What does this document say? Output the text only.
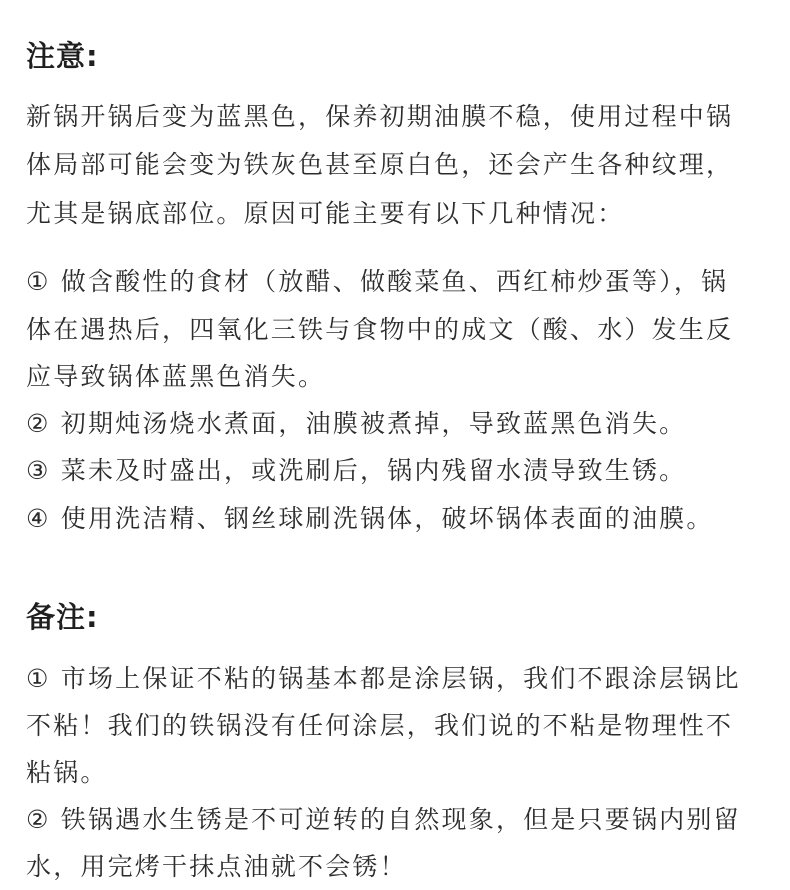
注意:
新锅开锅后变为蓝黑色，保养初期油膜不稳，使用过程中锅
体局部可能会变为铁灰色甚至原白色，还会产生各种纹理，
尤其是锅底部位。原因可能主要有以下几种情况：
① 做含酸性的食材（放醋、做酸菜鱼、西红柿炒蛋等），锅
体在遇热后，四氧化三铁与食物中的成文（酸、水）发生反
应导致锅体蓝黑色消失。
② 初期炖汤烧水煮面，油膜被煮掉，导致蓝黑色消失。
③ 菜未及时盛出，或洗刷后，锅内残留水渍导致生锈。
④ 使用洗洁精、钢丝球刷洗锅体，破坏锅体表面的油膜。
备注:
① 市场上保证不粘的锅基本都是涂层锅，我们不跟涂层锅比
不粘！我们的铁锅没有任何涂层，我们说的不粘是物理性不
粘锅。
② 铁锅遇水生锈是不可逆转的自然现象，但是只要锅内别留
水，用完烤干抹点油就不会锈！
